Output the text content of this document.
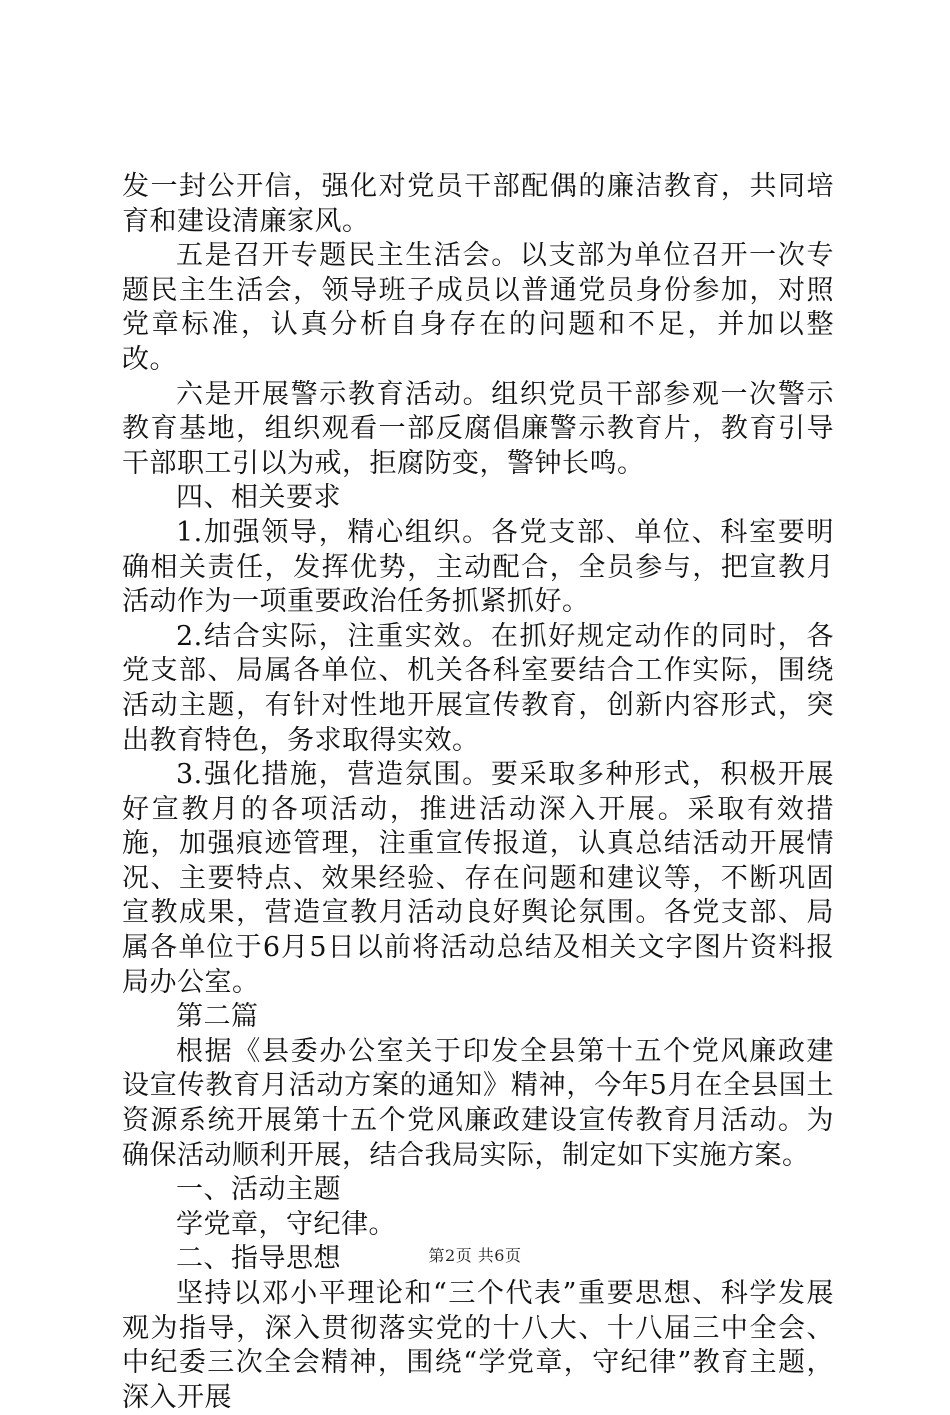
发一封公开信，强化对党员干部配偶的廉洁教育，共同培育和建设清廉家风。

五是召开专题民主生活会。以支部为单位召开一次专题民主生活会，领导班子成员以普通党员身份参加，对照党章标准，认真分析自身存在的问题和不足，并加以整改。

六是开展警示教育活动。组织党员干部参观一次警示教育基地，组织观看一部反腐倡廉警示教育片，教育引导干部职工引以为戒，拒腐防变，警钟长鸣。

四、相关要求

1.加强领导，精心组织。各党支部、单位、科室要明确相关责任，发挥优势，主动配合，全员参与，把宣教月活动作为一项重要政治任务抓紧抓好。

2.结合实际，注重实效。在抓好规定动作的同时，各党支部、局属各单位、机关各科室要结合工作实际，围绕活动主题，有针对性地开展宣传教育，创新内容形式，突出教育特色，务求取得实效。

3.强化措施，营造氛围。要采取多种形式，积极开展好宣教月的各项活动，推进活动深入开展。采取有效措施，加强痕迹管理，注重宣传报道，认真总结活动开展情况、主要特点、效果经验、存在问题和建议等，不断巩固宣教成果，营造宣教月活动良好舆论氛围。各党支部、局属各单位于6月5日以前将活动总结及相关文字图片资料报局办公室。

第二篇

根据《县委办公室关于印发全县第十五个党风廉政建设宣传教育月活动方案的通知》精神，今年5月在全县国土资源系统开展第十五个党风廉政建设宣传教育月活动。为确保活动顺利开展，结合我局实际，制定如下实施方案。

一、活动主题

学党章，守纪律。

二、指导思想

坚持以邓小平理论和“三个代表”重要思想、科学发展观为指导，深入贯彻落实党的十八大、十八届三中全会、中纪委三次全会精神，围绕“学党章，守纪律”教育主题，深入开展

第2页 共6页
